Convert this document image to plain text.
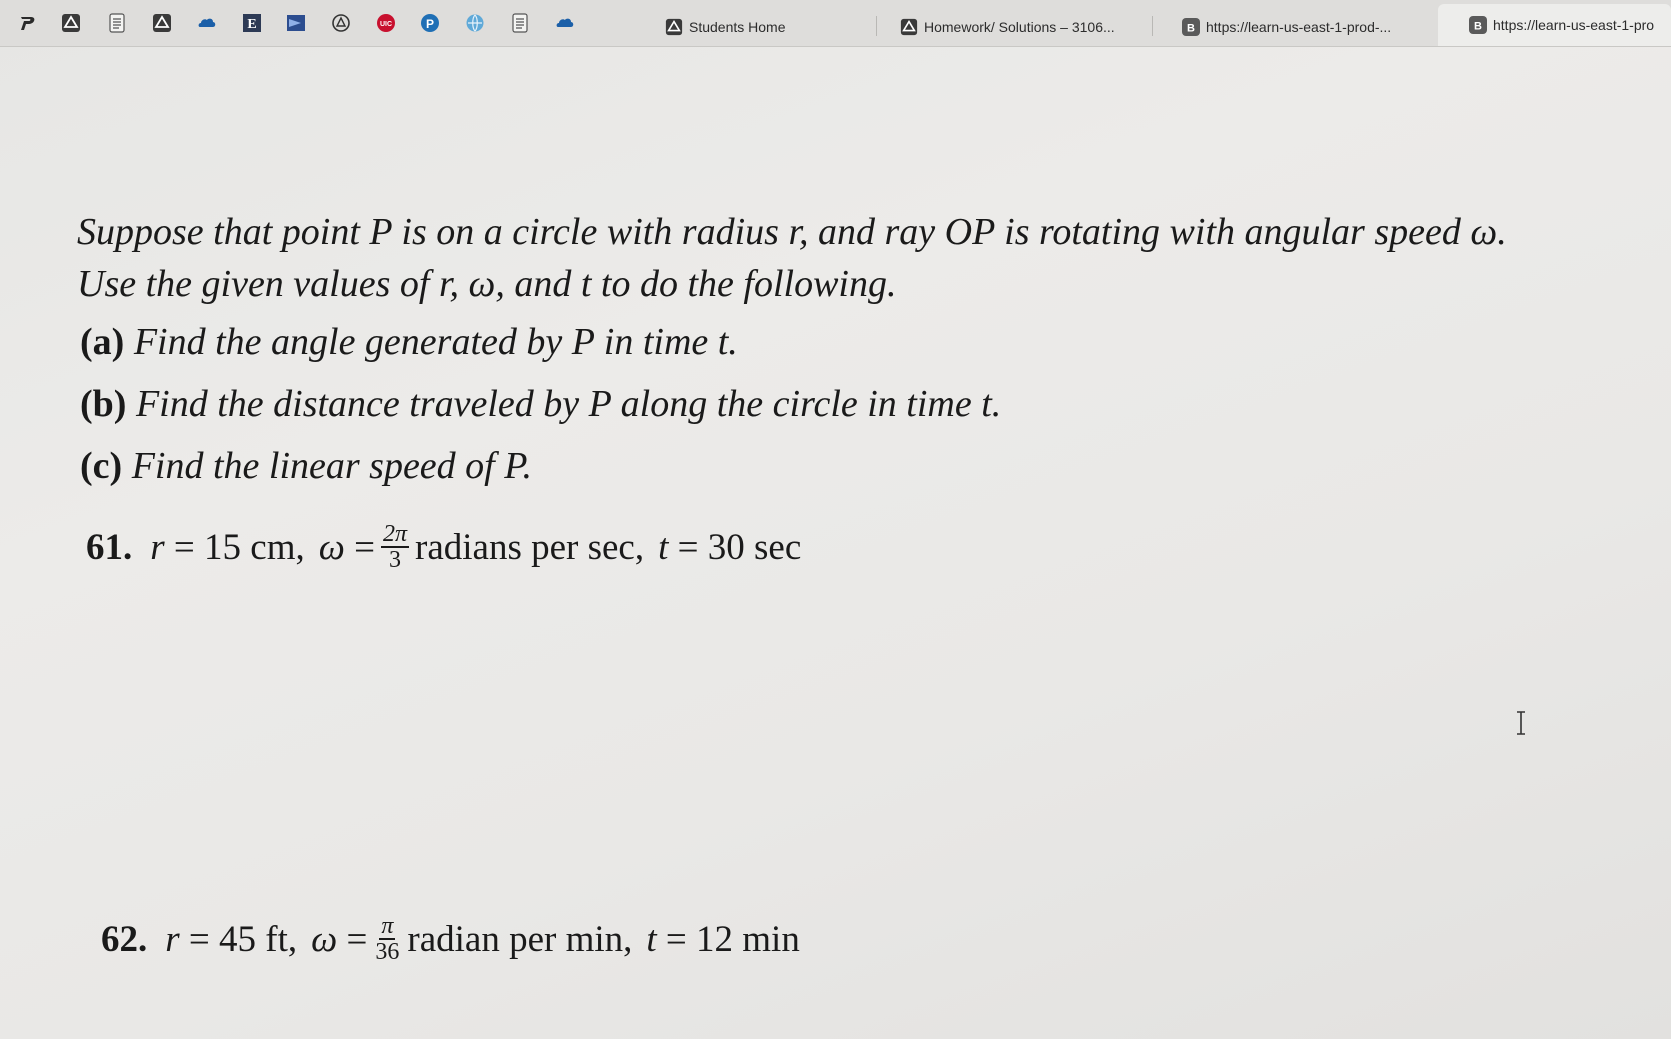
E	UIC	P	Students Home	Homework/ Solutions – 3106...	B https://learn-us-east-1-prod-...	B https://learn-us-east-1-pro

Suppose that point P is on a circle with radius r, and ray OP is rotating with angular speed ω. Use the given values of r, ω, and t to do the following.

(a) Find the angle generated by P in time t.

(b) Find the distance traveled by P along the circle in time t.

(c) Find the linear speed of P.

61. r
= 15 cm, ω
= $\frac{2\pi}{3}$ radians per sec, t
= 30 sec
62. r
= 45 ft, ω
= $\frac{\pi}{36}$ radian per min, t
= 12 min
